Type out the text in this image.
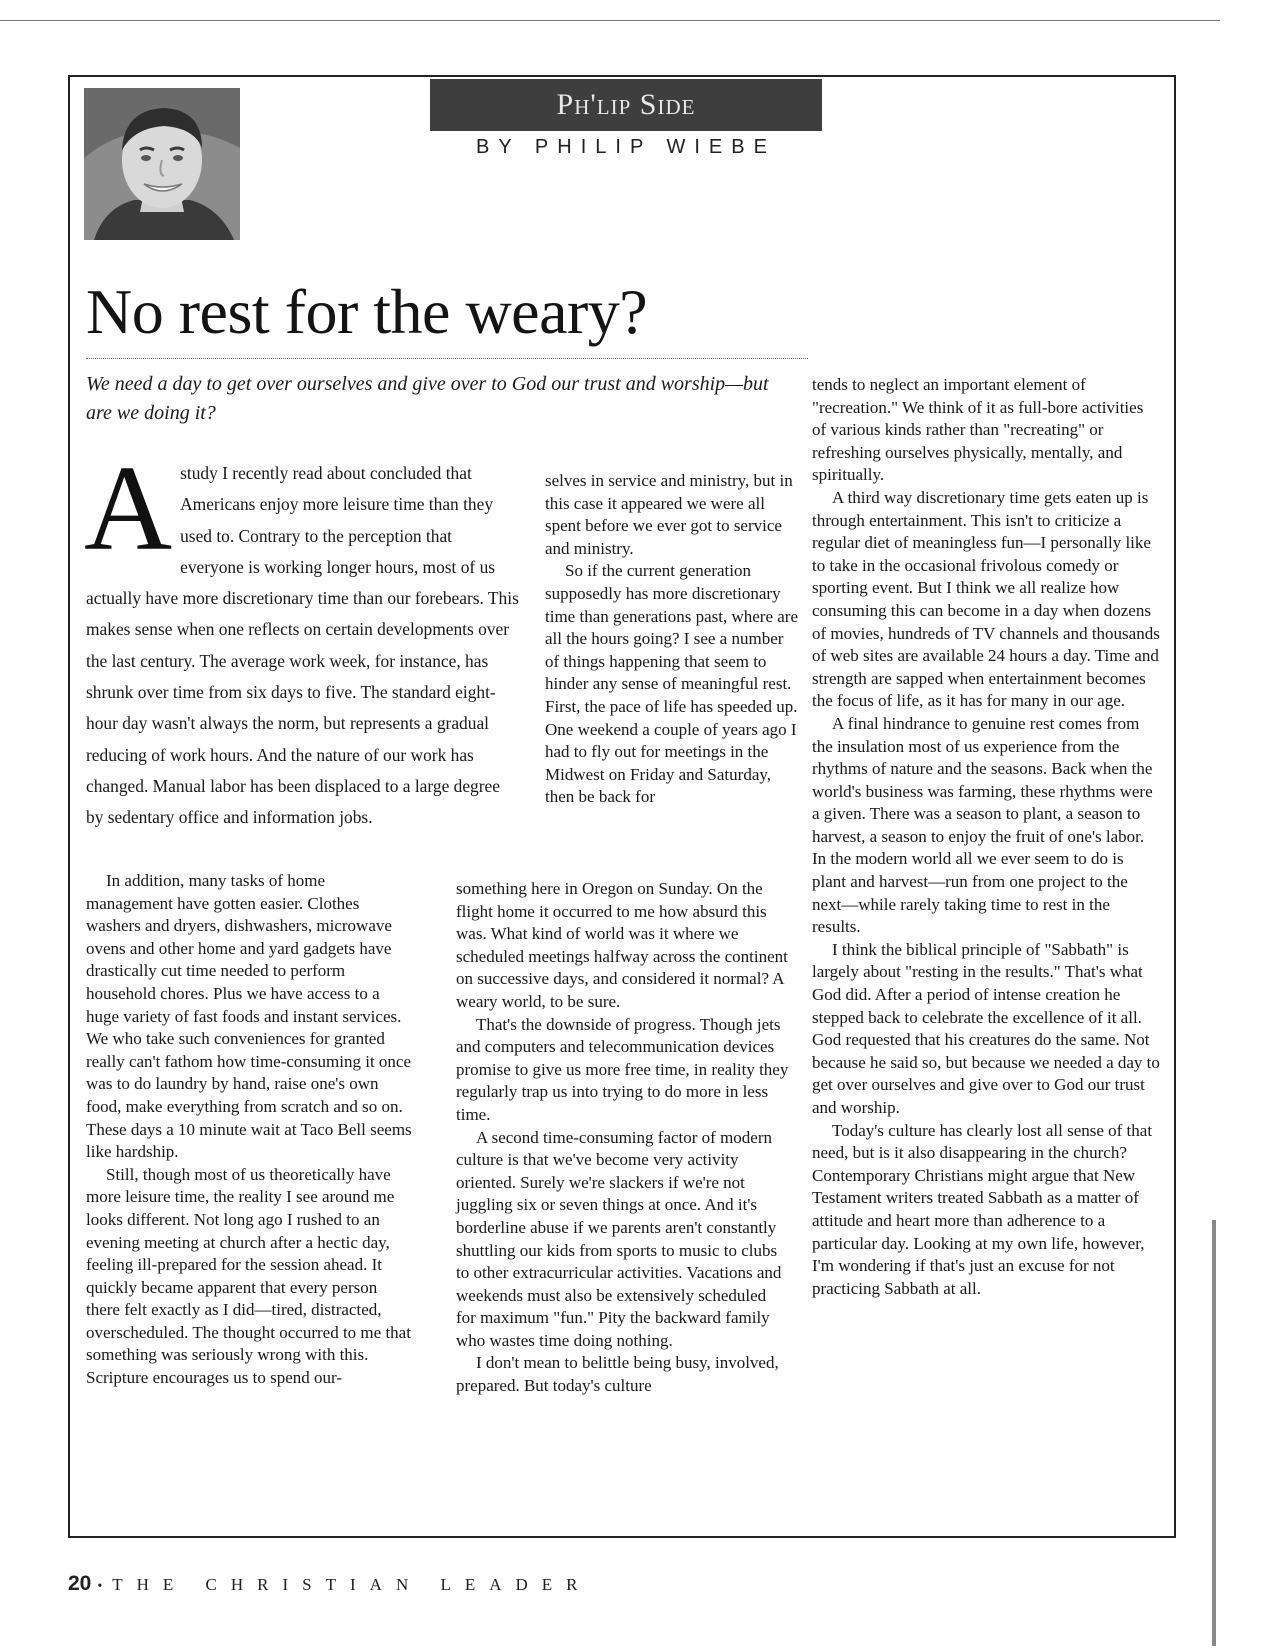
Ph'lip Side
BY PHILIP WIEBE
No rest for the weary?

We need a day to get over ourselves and give over to God our trust and worship—but are we doing it?

Astudy I recently read about concluded that Americans enjoy more leisure time than they used to. Contrary to the perception that everyone is working longer hours, most of us actually have more discretionary time than our forebears. This makes sense when one reflects on certain developments over the last century. The average work week, for instance, has shrunk over time from six days to five. The standard eight-hour day wasn't always the norm, but represents a gradual reducing of work hours. And the nature of our work has changed. Manual labor has been displaced to a large degree by sedentary office and information jobs.

selves in service and ministry, but in this case it appeared we were all spent before we ever got to service and ministry.

So if the current generation supposedly has more discretionary time than generations past, where are all the hours going? I see a number of things happening that seem to hinder any sense of meaningful rest. First, the pace of life has speeded up. One weekend a couple of years ago I had to fly out for meetings in the Midwest on Friday and Saturday, then be back for

In addition, many tasks of home management have gotten easier. Clothes washers and dryers, dishwashers, microwave ovens and other home and yard gadgets have drastically cut time needed to perform household chores. Plus we have access to a huge variety of fast foods and instant services. We who take such conveniences for granted really can't fathom how time-consuming it once was to do laundry by hand, raise one's own food, make everything from scratch and so on. These days a 10 minute wait at Taco Bell seems like hardship.

Still, though most of us theoretically have more leisure time, the reality I see around me looks different. Not long ago I rushed to an evening meeting at church after a hectic day, feeling ill-prepared for the session ahead. It quickly became apparent that every person there felt exactly as I did—tired, distracted, overscheduled. The thought occurred to me that something was seriously wrong with this. Scripture encourages us to spend our-

something here in Oregon on Sunday. On the flight home it occurred to me how absurd this was. What kind of world was it where we scheduled meetings halfway across the continent on successive days, and considered it normal? A weary world, to be sure.

That's the downside of progress. Though jets and computers and telecommunication devices promise to give us more free time, in reality they regularly trap us into trying to do more in less time.

A second time-consuming factor of modern culture is that we've become very activity oriented. Surely we're slackers if we're not juggling six or seven things at once. And it's borderline abuse if we parents aren't constantly shuttling our kids from sports to music to clubs to other extracurricular activities. Vacations and weekends must also be extensively scheduled for maximum "fun." Pity the backward family who wastes time doing nothing.

I don't mean to belittle being busy, involved, prepared. But today's culture

tends to neglect an important element of "recreation." We think of it as full-bore activities of various kinds rather than "recreating" or refreshing ourselves physically, mentally, and spiritually.

A third way discretionary time gets eaten up is through entertainment. This isn't to criticize a regular diet of meaningless fun—I personally like to take in the occasional frivolous comedy or sporting event. But I think we all realize how consuming this can become in a day when dozens of movies, hundreds of TV channels and thousands of web sites are available 24 hours a day. Time and strength are sapped when entertainment becomes the focus of life, as it has for many in our age.

A final hindrance to genuine rest comes from the insulation most of us experience from the rhythms of nature and the seasons. Back when the world's business was farming, these rhythms were a given. There was a season to plant, a season to harvest, a season to enjoy the fruit of one's labor. In the modern world all we ever seem to do is plant and harvest—run from one project to the next—while rarely taking time to rest in the results.

I think the biblical principle of "Sabbath" is largely about "resting in the results." That's what God did. After a period of intense creation he stepped back to celebrate the excellence of it all. God requested that his creatures do the same. Not because he said so, but because we needed a day to get over ourselves and give over to God our trust and worship.

Today's culture has clearly lost all sense of that need, but is it also disappearing in the church? Contemporary Christians might argue that New Testament writers treated Sabbath as a matter of attitude and heart more than adherence to a particular day. Looking at my own life, however, I'm wondering if that's just an excuse for not practicing Sabbath at all.

20 • THE CHRISTIAN LEADER
